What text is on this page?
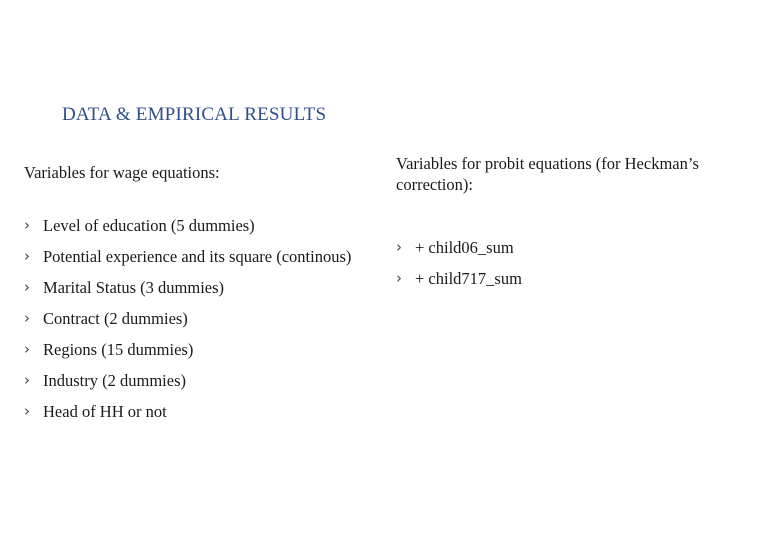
DATA & EMPIRICAL RESULTS

Variables for wage equations:

› Level of education (5 dummies)
› Potential experience and its square (continous)
› Marital Status (3 dummies)
› Contract (2 dummies)
› Regions (15 dummies)
› Industry (2 dummies)
› Head of HH or not

Variables for probit equations (for Heckman’s correction):

› + child06_sum
› + child717_sum
